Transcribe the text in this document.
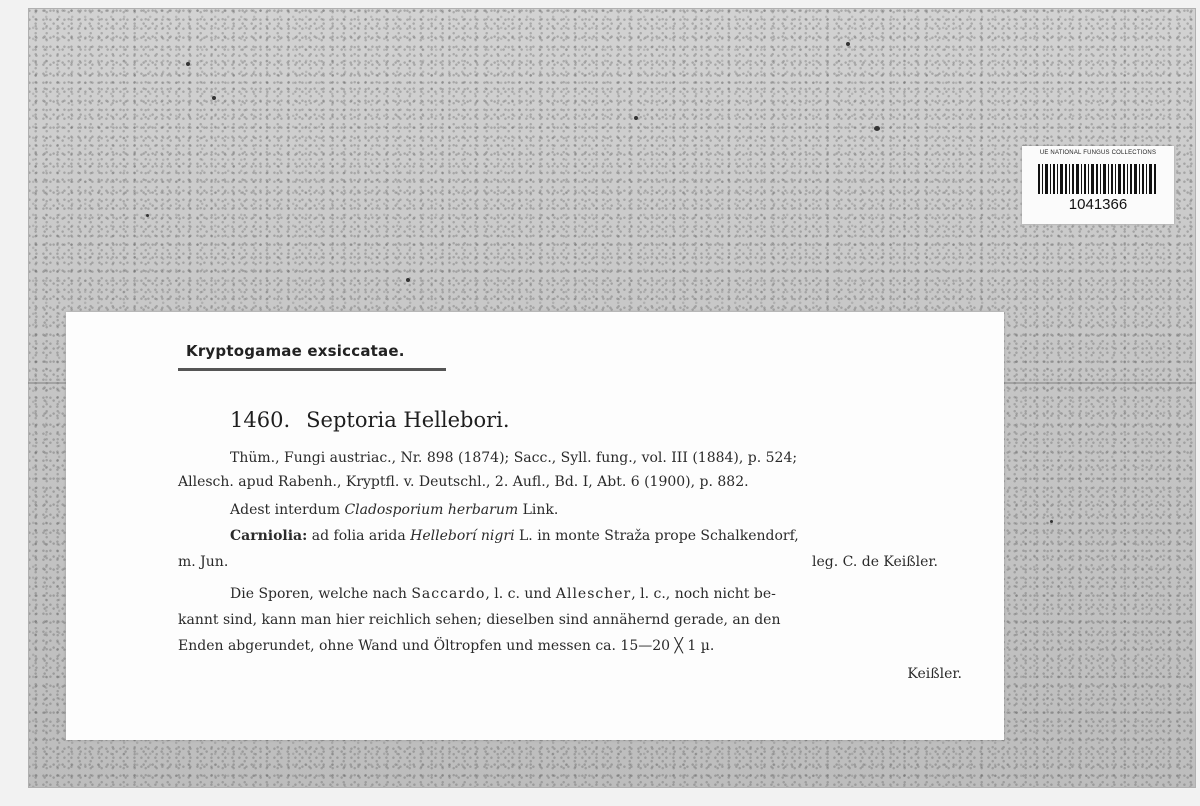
UE NATIONAL FUNGUS COLLECTIONS
1041366
Kryptogamae exsiccatae.
1460. Septoria Hellebori.
Thüm., Fungi austriac., Nr. 898 (1874); Sacc., Syll. fung., vol. III (1884), p. 524;
Allesch. apud Rabenh., Kryptfl. v. Deutschl., 2. Aufl., Bd. I, Abt. 6 (1900), p. 882.
Adest interdum Cladosporium herbarum Link.
Carniolia: ad folia arida Helleborí nigri L. in monte Straža prope Schalkendorf,
m. Jun.	leg. C. de Keißler.
Die Sporen, welche nach Saccardo, l. c. und Allescher, l. c., noch nicht be-
kannt sind, kann man hier reichlich sehen; dieselben sind annähernd gerade, an den
Enden abgerundet, ohne Wand und Öltropfen und messen ca. 15—20 ╳ 1 µ.
Keißler.
